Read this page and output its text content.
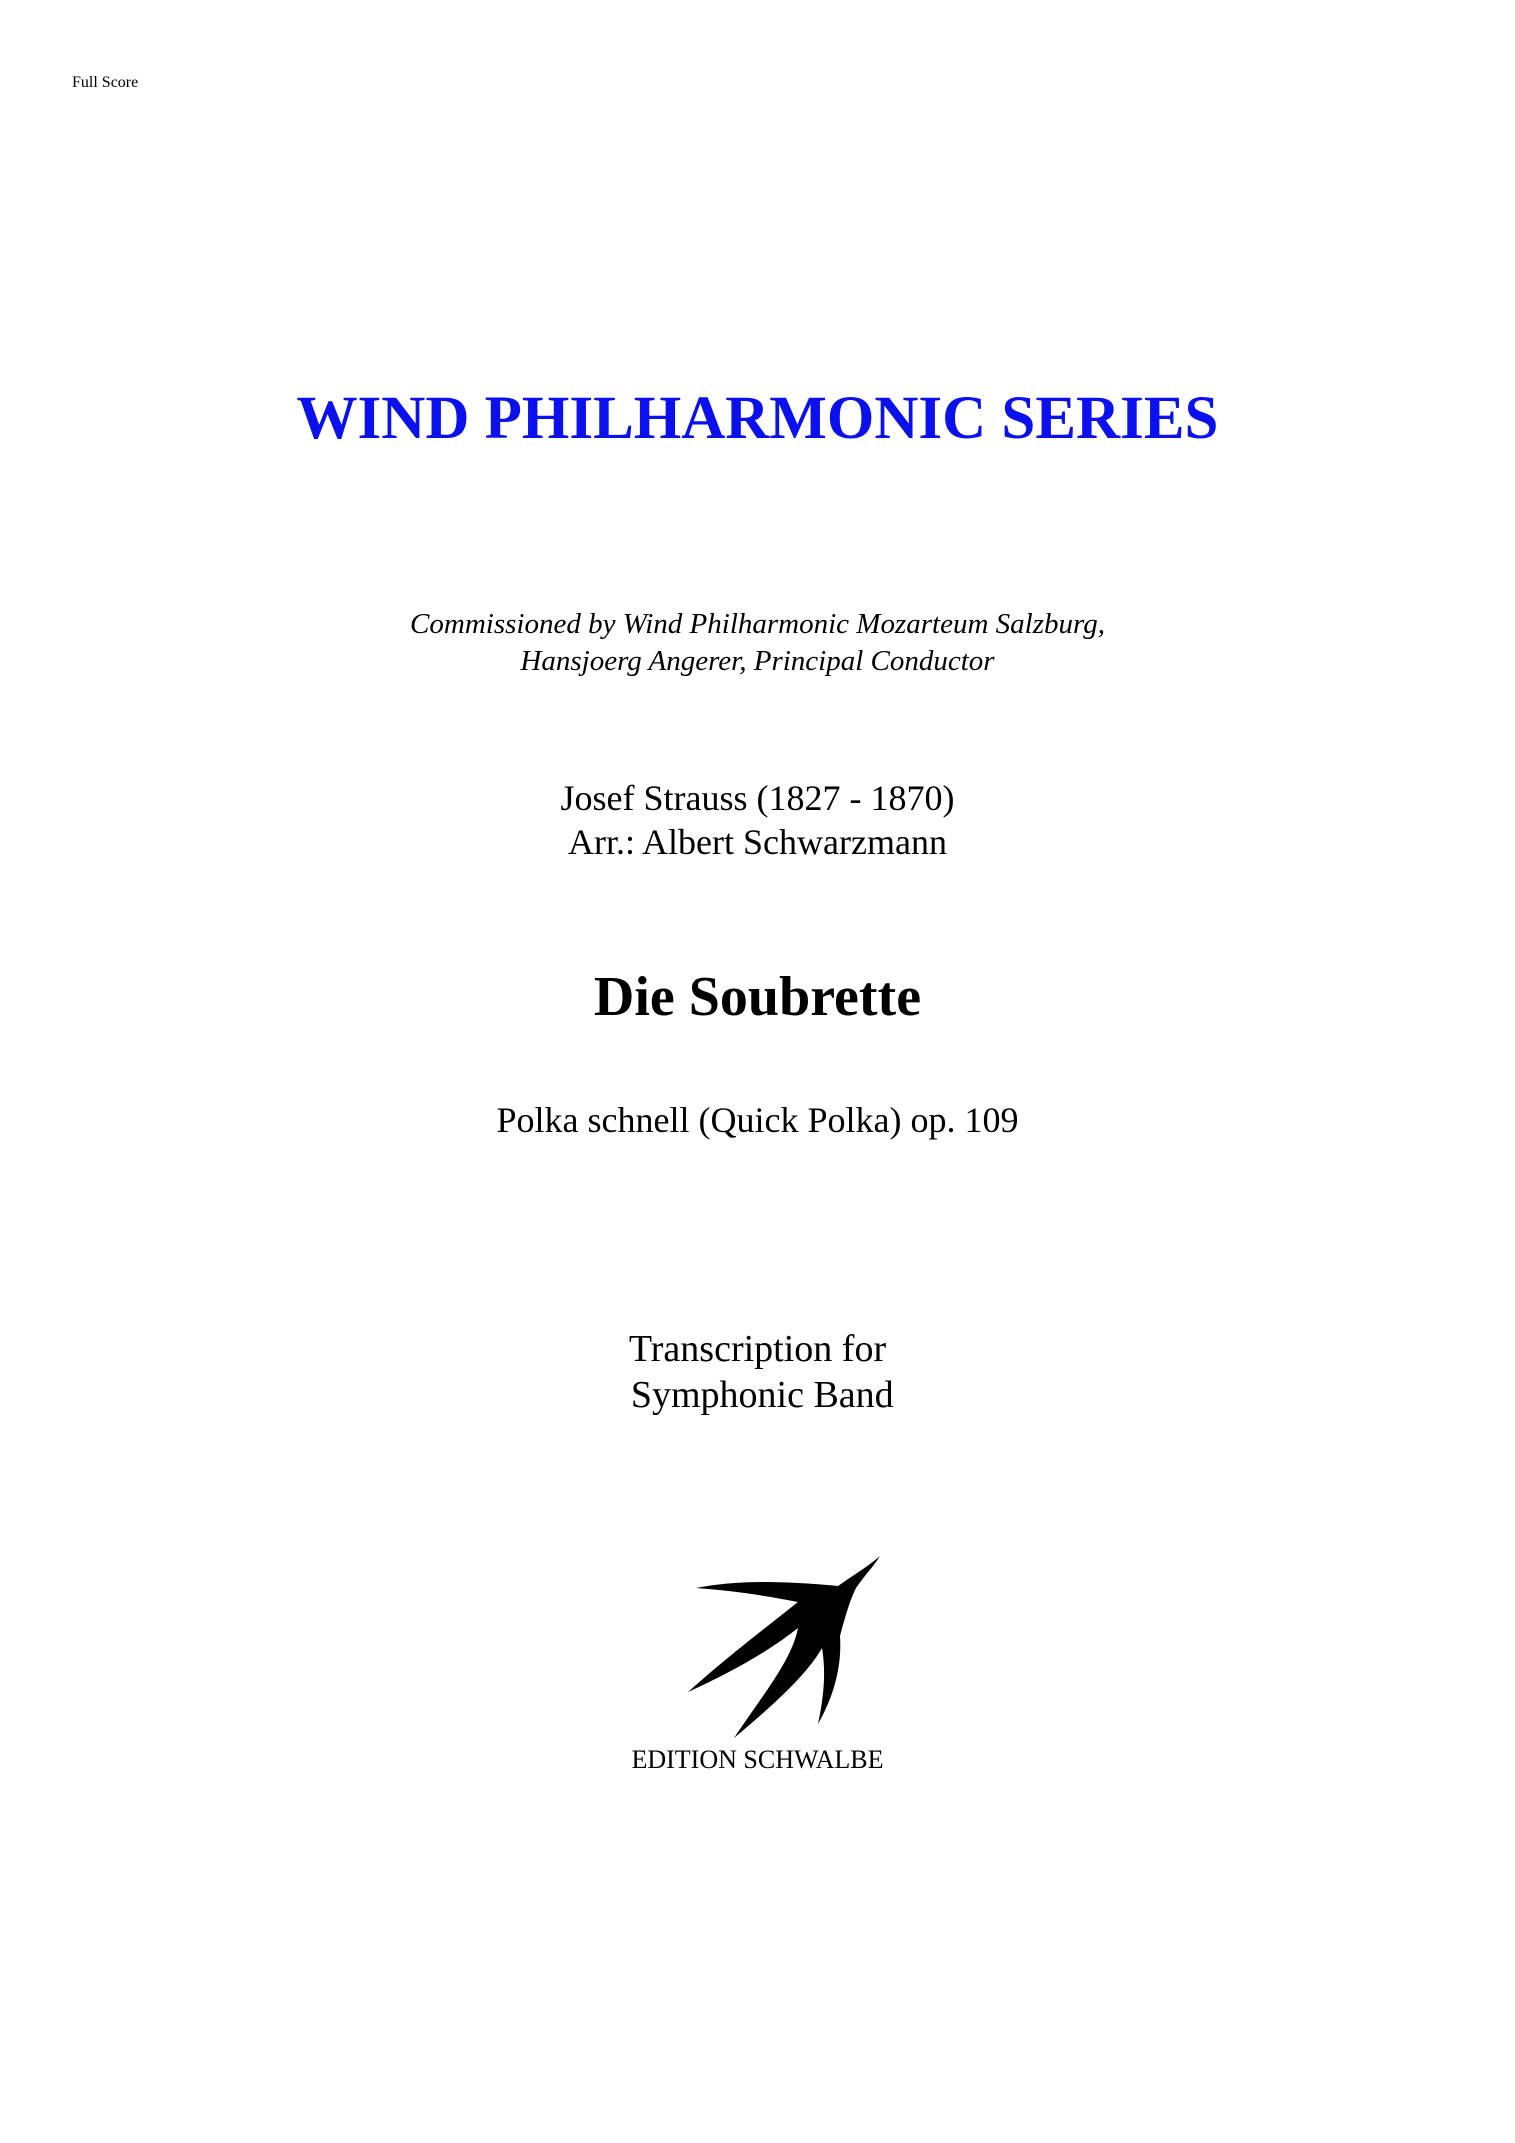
Full Score
WIND PHILHARMONIC SERIES
Commissioned by Wind Philharmonic Mozarteum Salzburg,
Hansjoerg Angerer, Principal Conductor
Josef Strauss (1827 - 1870)
Arr.: Albert Schwarzmann
Die Soubrette
Polka schnell (Quick Polka) op. 109
Transcription for
Symphonic Band
EDITION SCHWALBE
